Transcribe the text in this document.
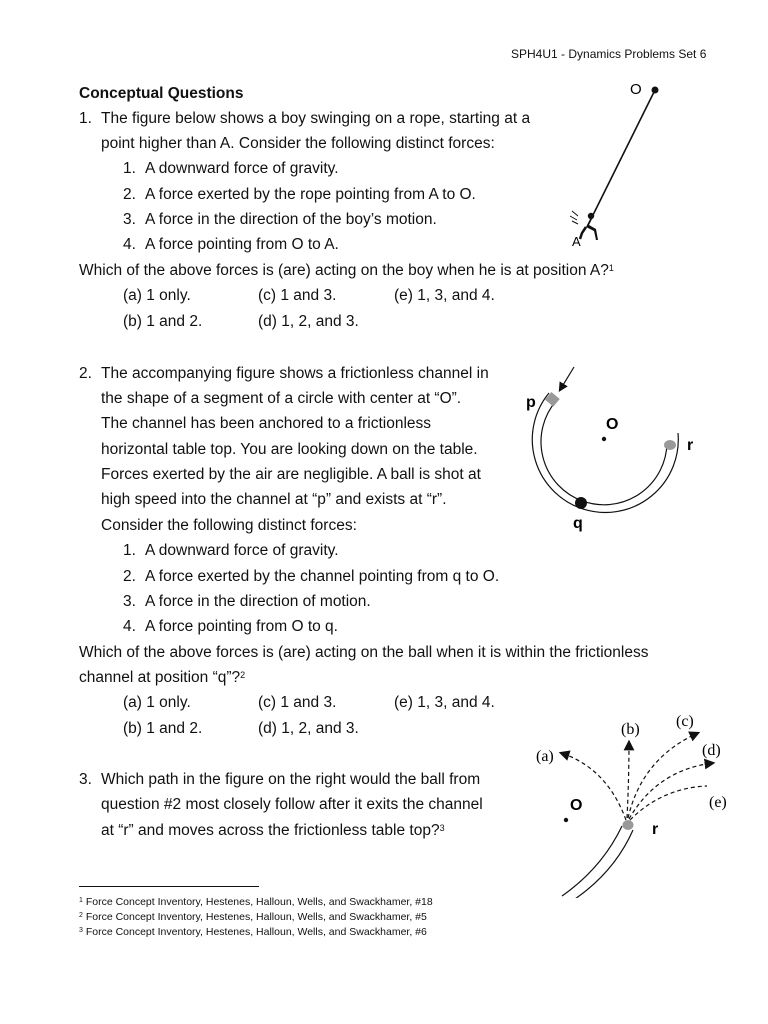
SPH4U1 - Dynamics Problems Set 6
Conceptual Questions
1. The figure below shows a boy swinging on a rope, starting at a
point higher than A. Consider the following distinct forces:
1. A downward force of gravity.
2. A force exerted by the rope pointing from A to O.
3. A force in the direction of the boy’s motion.
4. A force pointing from O to A.
Which of the above forces is (are) acting on the boy when he is at position A?$^1$
(a) 1 only.	(c) 1 and 3.	(e) 1, 3, and 4.
(b) 1 and 2.	(d) 1, 2, and 3.
O
A
2. The accompanying figure shows a frictionless channel in
the shape of a segment of a circle with center at “O”.
The channel has been anchored to a frictionless
horizontal table top. You are looking down on the table.
Forces exerted by the air are negligible. A ball is shot at
high speed into the channel at “p” and exists at “r”.
Consider the following distinct forces:
1. A downward force of gravity.
2. A force exerted by the channel pointing from q to O.
3. A force in the direction of motion.
4. A force pointing from O to q.
Which of the above forces is (are) acting on the ball when it is within the frictionless
channel at position “q”?$^2$
(a) 1 only.	(c) 1 and 3.	(e) 1, 3, and 4.
(b) 1 and 2.	(d) 1, 2, and 3.
p
O
r
q
3. Which path in the figure on the right would the ball from
question #2 most closely follow after it exits the channel
at “r” and moves across the frictionless table top?$^3$
(a)
(b) (c)
(d)
(e)
O
r
$^1$ Force Concept Inventory, Hestenes, Halloun, Wells, and Swackhamer, #18
$^2$ Force Concept Inventory, Hestenes, Halloun, Wells, and Swackhamer, #5
$^3$ Force Concept Inventory, Hestenes, Halloun, Wells, and Swackhamer, #6
